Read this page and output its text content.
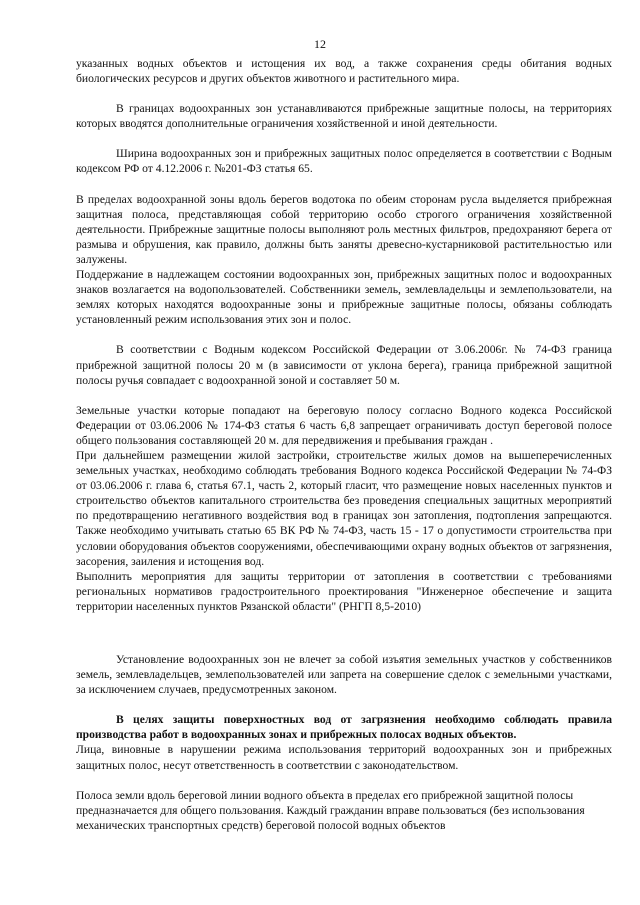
12

указанных водных объектов и истощения их вод, а также сохранения среды обитания водных биологических ресурсов и других объектов животного и растительного мира.

В границах водоохранных зон устанавливаются прибрежные защитные полосы, на территориях которых вводятся дополнительные ограничения хозяйственной и иной деятельности.

Ширина водоохранных зон и прибрежных защитных полос определяется в соответствии с Водным кодексом РФ от 4.12.2006 г. №201-ФЗ статья 65.

В пределах водоохранной зоны вдоль берегов водотока по обеим сторонам русла выделяется прибрежная защитная полоса, представляющая собой территорию особо строгого ограничения хозяйственной деятельности. Прибрежные защитные полосы выполняют роль местных фильтров, предохраняют берега от размыва и обрушения, как правило, должны быть заняты древесно-кустарниковой растительностью или залужены.

Поддержание в надлежащем состоянии водоохранных зон, прибрежных защитных полос и водоохранных знаков возлагается на водопользователей. Собственники земель, землевладельцы и землепользователи, на землях которых находятся водоохранные зоны и прибрежные защитные полосы, обязаны соблюдать установленный режим использования этих зон и полос.

В соответствии с Водным кодексом Российской Федерации от 3.06.2006г. № 74-ФЗ граница прибрежной защитной полосы 20 м (в зависимости от уклона берега), граница прибрежной защитной полосы ручья совпадает с водоохранной зоной и составляет 50 м.

Земельные участки которые попадают на береговую полосу согласно Водного кодекса Российской Федерации от 03.06.2006 № 174-ФЗ статья 6 часть 6,8 запрещает ограничивать доступ береговой полосе общего пользования составляющей 20 м. для передвижения и пребывания граждан .

При дальнейшем размещении жилой застройки, строительстве жилых домов на вышеперечисленных земельных участках, необходимо соблюдать требования Водного кодекса Российской Федерации № 74-ФЗ от 03.06.2006 г. глава 6, статья 67.1, часть 2, который гласит, что размещение новых населенных пунктов и строительство объектов капитального строительства без проведения специальных защитных мероприятий по предотвращению негативного воздействия вод в границах зон затопления, подтопления запрещаются. Также необходимо учитывать статью 65 ВК РФ № 74-ФЗ, часть 15 - 17 о допустимости строительства при условии оборудования объектов сооружениями, обеспечивающими охрану водных объектов от загрязнения, засорения, заиления и истощения вод.

Выполнить мероприятия для защиты территории от затопления в соответствии с требованиями региональных нормативов градостроительного проектирования "Инженерное обеспечение и защита территории населенных пунктов Рязанской области" (РНГП 8,5-2010)

Установление водоохранных зон не влечет за собой изъятия земельных участков у собственников земель, землевладельцев, землепользователей или запрета на совершение сделок с земельными участками, за исключением случаев, предусмотренных законом.

В целях защиты поверхностных вод от загрязнения необходимо соблюдать правила производства работ в водоохранных зонах и прибрежных полосах водных объектов.

Лица, виновные в нарушении режима использования территорий водоохранных зон и прибрежных защитных полос, несут ответственность в соответствии с законодательством.

Полоса земли вдоль береговой линии водного объекта в пределах его прибрежной защитной полосы предназначается для общего пользования. Каждый гражданин вправе пользоваться (без использования механических транспортных средств) береговой полосой водных объектов
